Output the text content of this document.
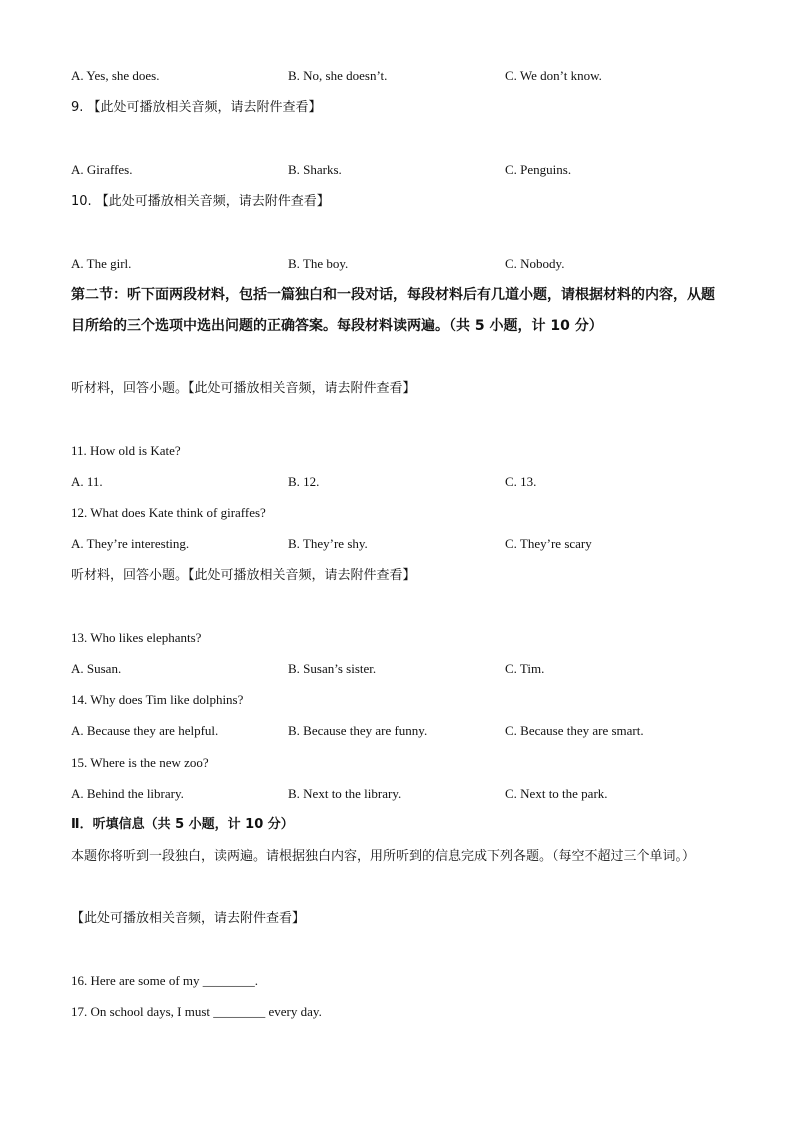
A. Yes, she does.	B. No, she doesn’t.	C. We don’t know.
9. 【此处可播放相关音频，请去附件查看】
A. Giraffes.	B. Sharks.	C. Penguins.
10. 【此处可播放相关音频，请去附件查看】
A. The girl.	B. The boy.	C. Nobody.
第二节：听下面两段材料，包括一篇独白和一段对话，每段材料后有几道小题，请根据材料的内容，从题目所给的三个选项中选出问题的正确答案。每段材料读两遍。（共 5 小题，计 10 分）
听材料，回答小题。【此处可播放相关音频，请去附件查看】
11. How old is Kate?
A. 11.	B. 12.	C. 13.
12. What does Kate think of giraffes?
A. They’re interesting.	B. They’re shy.	C. They’re scary
听材料，回答小题。【此处可播放相关音频，请去附件查看】
13. Who likes elephants?
A. Susan.	B. Susan’s sister.	C. Tim.
14. Why does Tim like dolphins?
A. Because they are helpful.	B. Because they are funny.	C. Because they are smart.
15. Where is the new zoo?
A. Behind the library.	B. Next to the library.	C. Next to the park.
Ⅱ．听填信息（共 5 小题，计 10 分）
本题你将听到一段独白，读两遍。请根据独白内容，用所听到的信息完成下列各题。（每空不超过三个单词。）
【此处可播放相关音频，请去附件查看】
16. Here are some of my ________.
17. On school days, I must ________ every day.
